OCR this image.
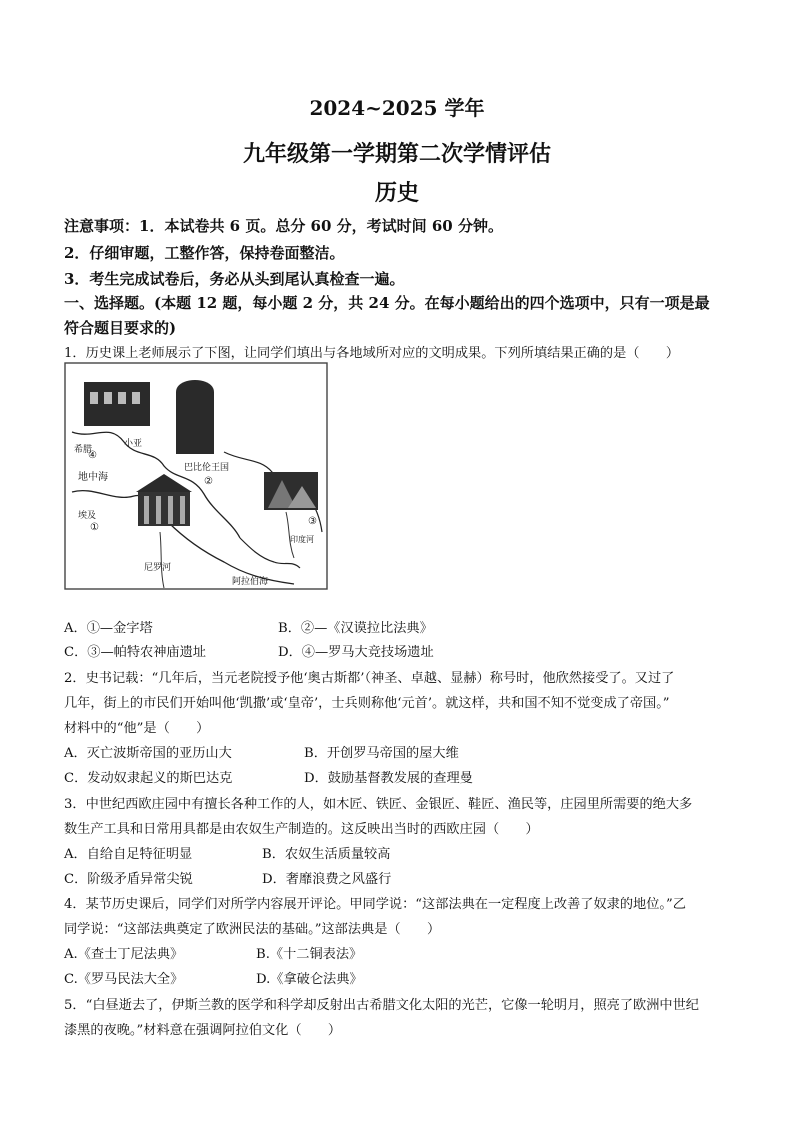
2024~2025 学年
九年级第一学期第二次学情评估
历史
注意事项：1．本试卷共 6 页。总分 60 分，考试时间 60 分钟。
2．仔细审题，工整作答，保持卷面整洁。
3．考生完成试卷后，务必从头到尾认真检查一遍。
一、选择题。(本题 12 题，每小题 2 分，共 24 分。在每小题给出的四个选项中，只有一项是最
符合题目要求的)
1．历史课上老师展示了下图，让同学们填出与各地域所对应的文明成果。下列所填结果正确的是（　　）
希腊
④
小亚
地中海
巴比伦王国
②
埃及
①
尼罗河
③
阿拉伯海
印度河
A．①—金字塔	B．②—《汉谟拉比法典》
C．③—帕特农神庙遗址	D．④—罗马大竞技场遗址
2．史书记载：“几年后，当元老院授予他‘奥古斯都’（神圣、卓越、显赫）称号时，他欣然接受了。又过了
几年，街上的市民们开始叫他‘凯撒’或‘皇帝’，士兵则称他‘元首’。就这样，共和国不知不觉变成了帝国。”
材料中的“他”是（　　）
A．灭亡波斯帝国的亚历山大	B．开创罗马帝国的屋大维
C．发动奴隶起义的斯巴达克	D．鼓励基督教发展的查理曼
3．中世纪西欧庄园中有擅长各种工作的人，如木匠、铁匠、金银匠、鞋匠、渔民等，庄园里所需要的绝大多
数生产工具和日常用具都是由农奴生产制造的。这反映出当时的西欧庄园（　　）
A．自给自足特征明显	B．农奴生活质量较高
C．阶级矛盾异常尖锐	D．奢靡浪费之风盛行
4．某节历史课后，同学们对所学内容展开评论。甲同学说：“这部法典在一定程度上改善了奴隶的地位。”乙
同学说：“这部法典奠定了欧洲民法的基础。”这部法典是（　　）
A.《查士丁尼法典》	B.《十二铜表法》
C.《罗马民法大全》	D.《拿破仑法典》
5．“白昼逝去了，伊斯兰教的医学和科学却反射出古希腊文化太阳的光芒，它像一轮明月，照亮了欧洲中世纪
漆黑的夜晚。”材料意在强调阿拉伯文化（　　）
